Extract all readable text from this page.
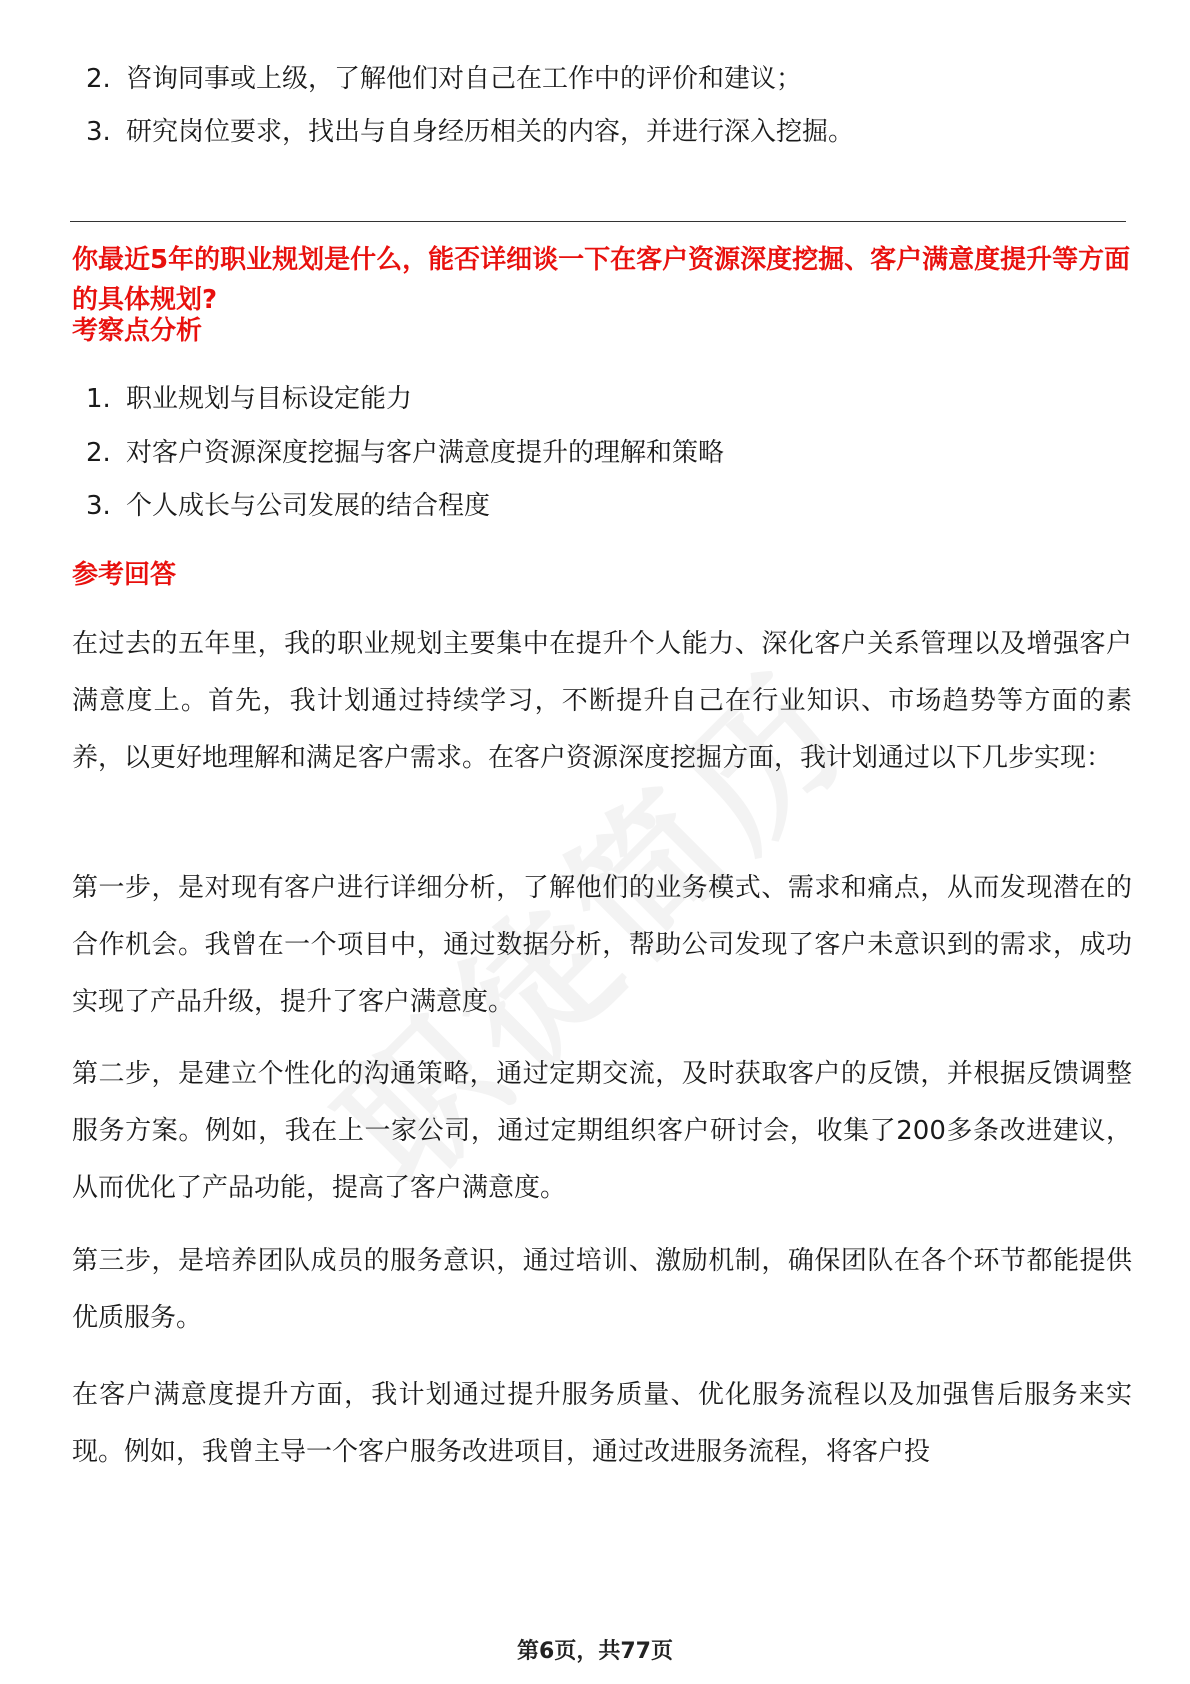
2. 咨询同事或上级，了解他们对自己在工作中的评价和建议；
3. 研究岗位要求，找出与自身经历相关的内容，并进行深入挖掘。
你最近5年的职业规划是什么，能否详细谈一下在客户资源深度挖掘、客户满意度提升等方面的具体规划?
考察点分析
1. 职业规划与目标设定能力
2. 对客户资源深度挖掘与客户满意度提升的理解和策略
3. 个人成长与公司发展的结合程度
参考回答
在过去的五年里，我的职业规划主要集中在提升个人能力、深化客户关系管理以及增强客户满意度上。首先，我计划通过持续学习，不断提升自己在行业知识、市场趋势等方面的素养，以更好地理解和满足客户需求。在客户资源深度挖掘方面，我计划通过以下几步实现：
第一步，是对现有客户进行详细分析，了解他们的业务模式、需求和痛点，从而发现潜在的合作机会。我曾在一个项目中，通过数据分析，帮助公司发现了客户未意识到的需求，成功实现了产品升级，提升了客户满意度。
第二步，是建立个性化的沟通策略，通过定期交流，及时获取客户的反馈，并根据反馈调整服务方案。例如，我在上一家公司，通过定期组织客户研讨会，收集了200多条改进建议，从而优化了产品功能，提高了客户满意度。
第三步，是培养团队成员的服务意识，通过培训、激励机制，确保团队在各个环节都能提供优质服务。
在客户满意度提升方面，我计划通过提升服务质量、优化服务流程以及加强售后服务来实现。例如，我曾主导一个客户服务改进项目，通过改进服务流程，将客户投
第6页，共77页
